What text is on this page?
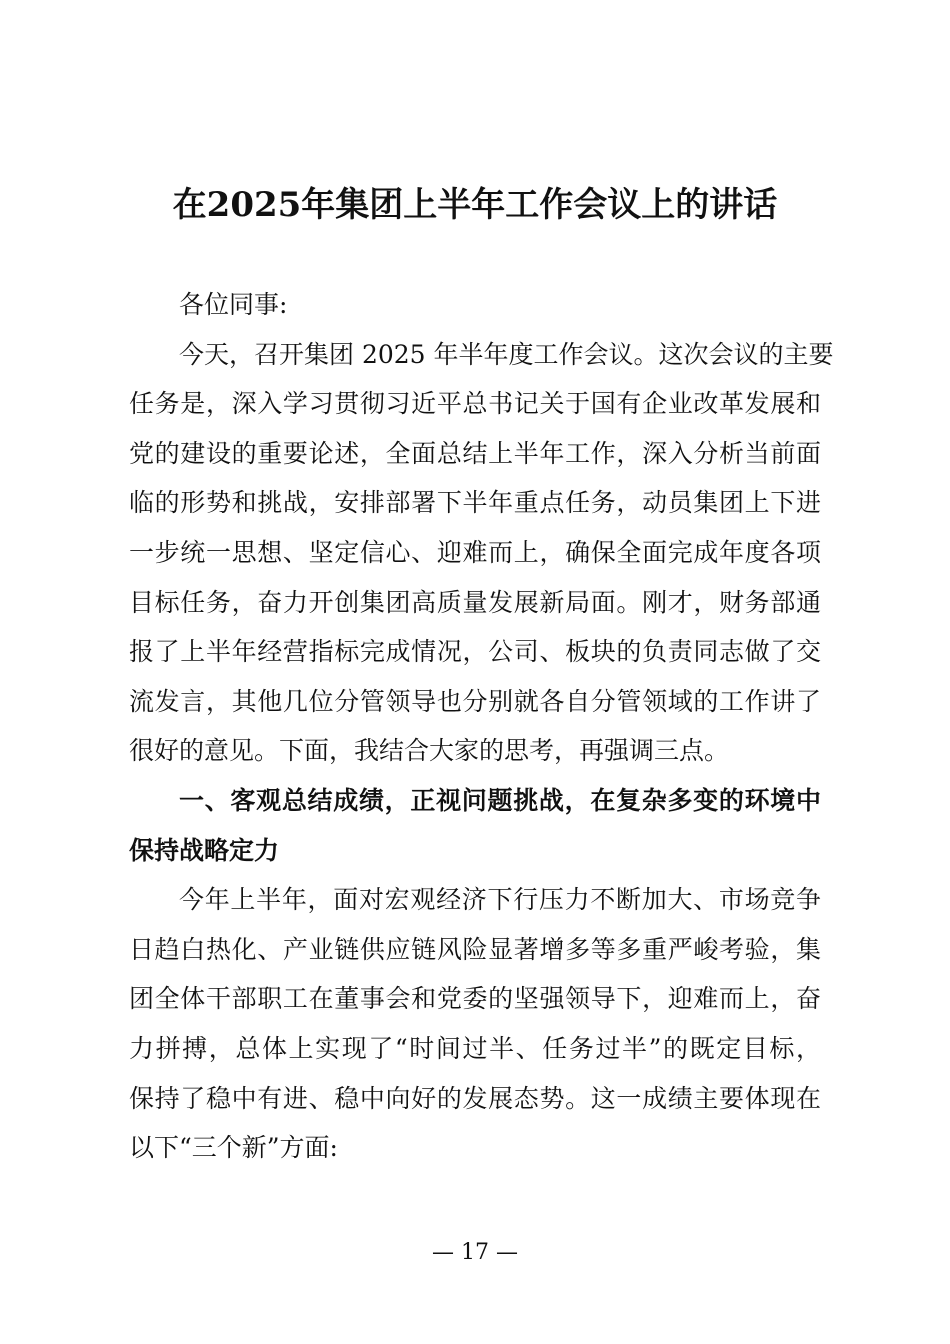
在2025年集团上半年工作会议上的讲话
各位同事:
今天，召开集团 2025 年半年度工作会议。这次会议的主要
任务是，深入学习贯彻习近平总书记关于国有企业改革发展和
党的建设的重要论述，全面总结上半年工作，深入分析当前面
临的形势和挑战，安排部署下半年重点任务，动员集团上下进
一步统一思想、坚定信心、迎难而上，确保全面完成年度各项
目标任务，奋力开创集团高质量发展新局面。刚才，财务部通
报了上半年经营指标完成情况，公司、板块的负责同志做了交
流发言，其他几位分管领导也分别就各自分管领域的工作讲了
很好的意见。下面，我结合大家的思考，再强调三点。
一、客观总结成绩，正视问题挑战，在复杂多变的环境中
保持战略定力
今年上半年，面对宏观经济下行压力不断加大、市场竞争
日趋白热化、产业链供应链风险显著增多等多重严峻考验，集
团全体干部职工在董事会和党委的坚强领导下，迎难而上，奋
力拼搏，总体上实现了“时间过半、任务过半”的既定目标，
保持了稳中有进、稳中向好的发展态势。这一成绩主要体现在
以下“三个新”方面:
— 17 —
